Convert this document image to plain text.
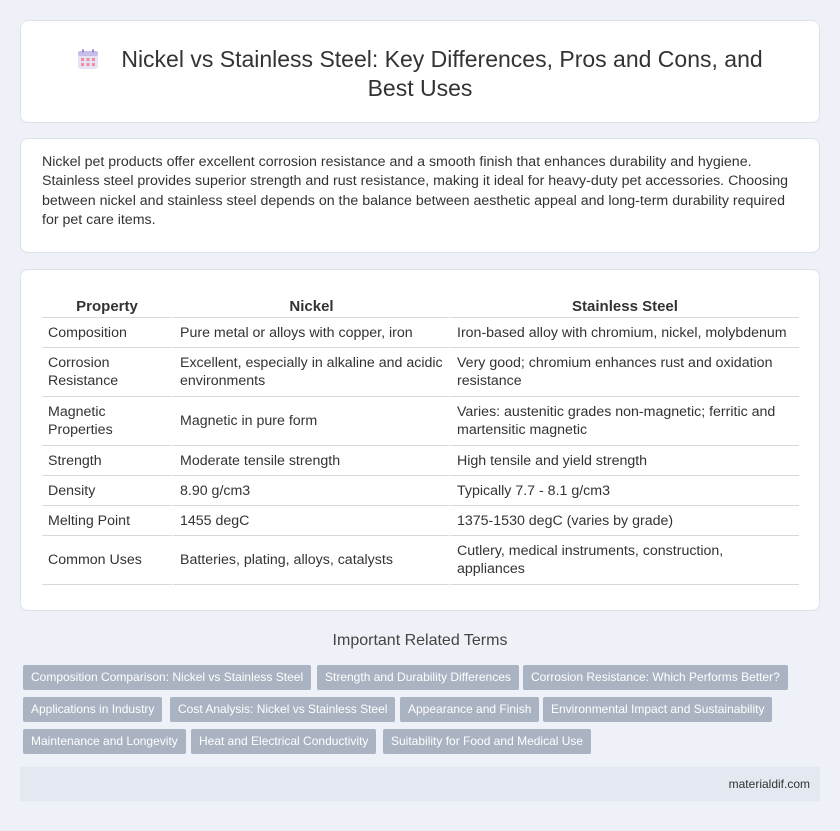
Nickel vs Stainless Steel: Key Differences, Pros and Cons, and Best Uses

Nickel pet products offer excellent corrosion resistance and a smooth finish that enhances durability and hygiene. Stainless steel provides superior strength and rust resistance, making it ideal for heavy-duty pet accessories. Choosing between nickel and stainless steel depends on the balance between aesthetic appeal and long-term durability required for pet care items.

Property	Nickel	Stainless Steel
Composition	Pure metal or alloys with copper, iron	Iron-based alloy with chromium, nickel, molybdenum
Corrosion Resistance	Excellent, especially in alkaline and acidic environments	Very good; chromium enhances rust and oxidation resistance
Magnetic Properties	Magnetic in pure form	Varies: austenitic grades non-magnetic; ferritic and martensitic magnetic
Strength	Moderate tensile strength	High tensile and yield strength
Density	8.90 g/cm3	Typically 7.7 - 8.1 g/cm3
Melting Point	1455 degC	1375-1530 degC (varies by grade)
Common Uses	Batteries, plating, alloys, catalysts	Cutlery, medical instruments, construction, appliances
Important Related Terms
Composition Comparison: Nickel vs Stainless Steel	Strength and Durability Differences	Corrosion Resistance: Which Performs Better?
Applications in Industry	Cost Analysis: Nickel vs Stainless Steel	Appearance and Finish	Environmental Impact and Sustainability
Maintenance and Longevity	Heat and Electrical Conductivity	Suitability for Food and Medical Use
materialdif.com
